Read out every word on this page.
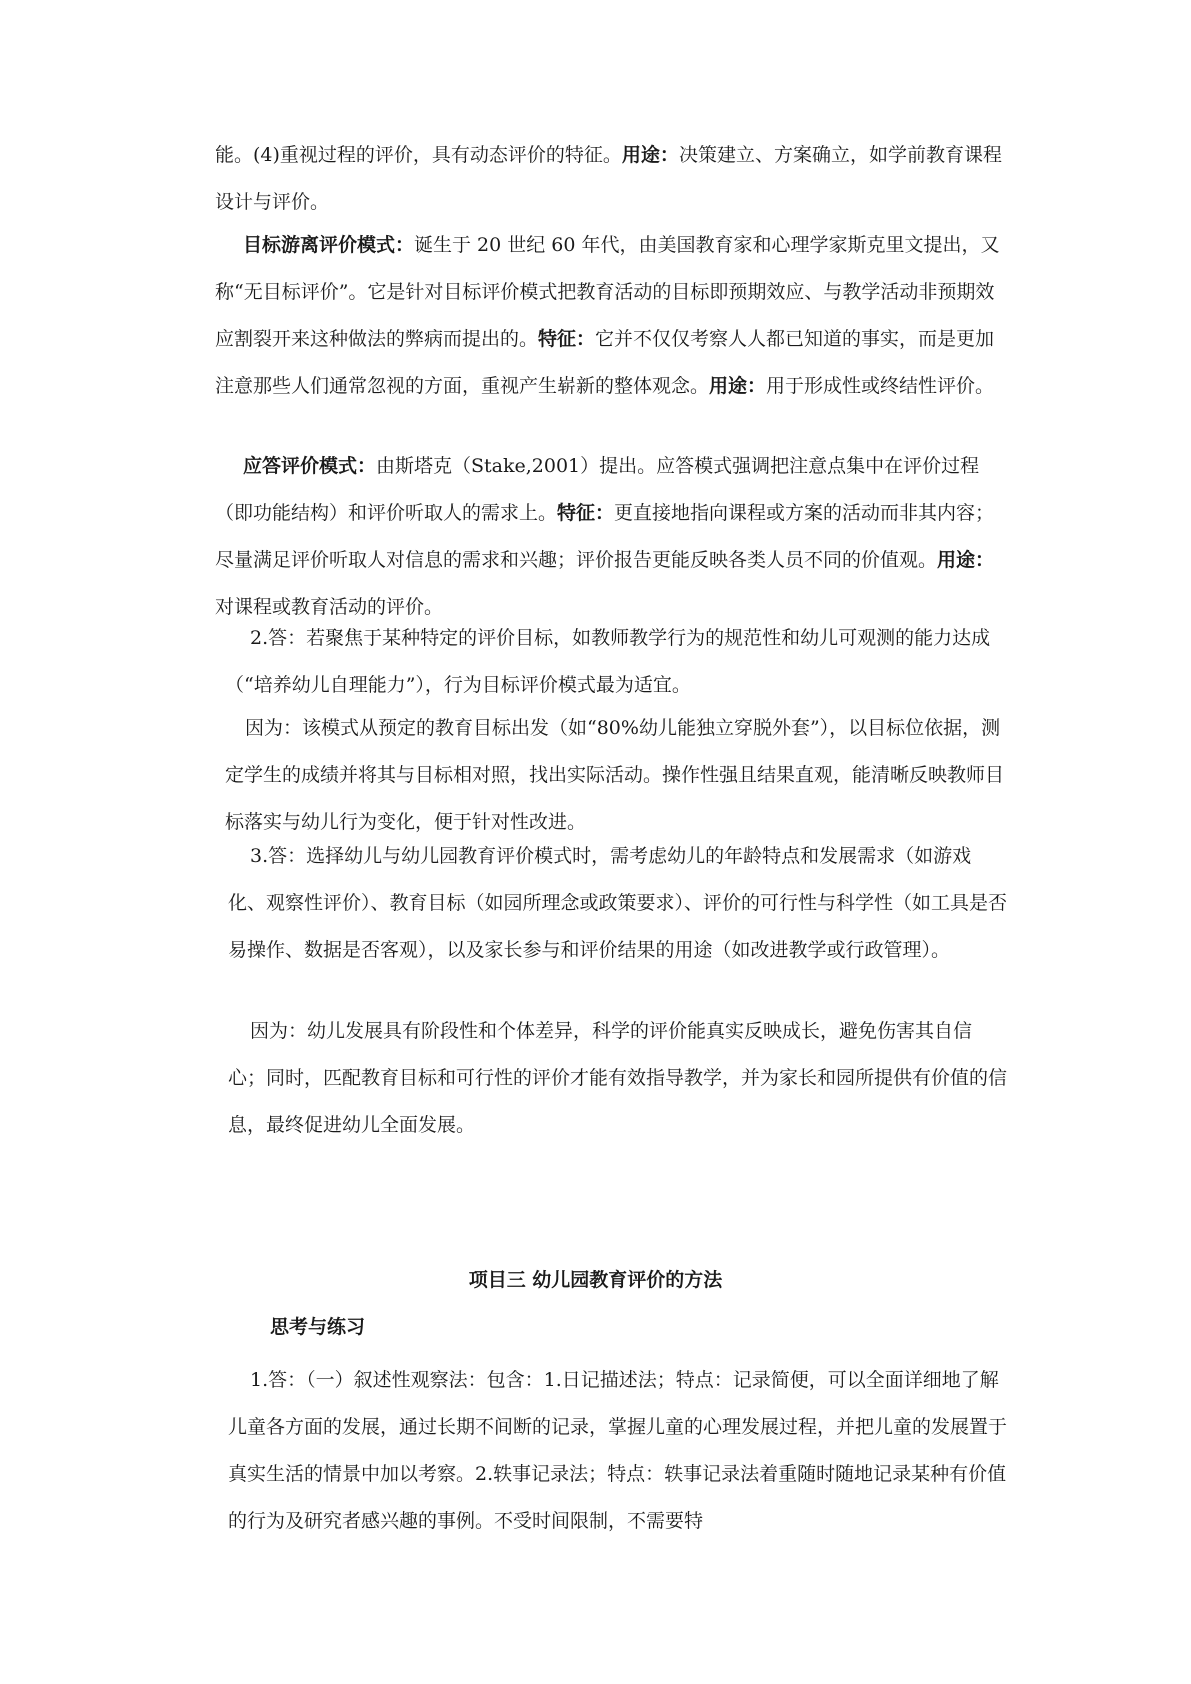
能。(4)重视过程的评价，具有动态评价的特征。用途：决策建立、方案确立，如学前教育课程设计与评价。

目标游离评价模式：诞生于 20 世纪 60 年代，由美国教育家和心理学家斯克里文提出，又称“无目标评价”。它是针对目标评价模式把教育活动的目标即预期效应、与教学活动非预期效应割裂开来这种做法的弊病而提出的。特征：它并不仅仅考察人人都已知道的事实，而是更加注意那些人们通常忽视的方面，重视产生崭新的整体观念。用途：用于形成性或终结性评价。

应答评价模式：由斯塔克（Stake,2001）提出。应答模式强调把注意点集中在评价过程（即功能结构）和评价听取人的需求上。特征：更直接地指向课程或方案的活动而非其内容；尽量满足评价听取人对信息的需求和兴趣；评价报告更能反映各类人员不同的价值观。用途：对课程或教育活动的评价。

2.答：若聚焦于某种特定的评价目标，如教师教学行为的规范性和幼儿可观测的能力达成（“培养幼儿自理能力”），行为目标评价模式最为适宜。

因为：该模式从预定的教育目标出发（如“80%幼儿能独立穿脱外套”），以目标位依据，测定学生的成绩并将其与目标相对照，找出实际活动。操作性强且结果直观，能清晰反映教师目标落实与幼儿行为变化，便于针对性改进。

3.答：选择幼儿与幼儿园教育评价模式时，需考虑幼儿的年龄特点和发展需求（如游戏化、观察性评价）、教育目标（如园所理念或政策要求）、评价的可行性与科学性（如工具是否易操作、数据是否客观），以及家长参与和评价结果的用途（如改进教学或行政管理）。

因为：幼儿发展具有阶段性和个体差异，科学的评价能真实反映成长，避免伤害其自信心；同时，匹配教育目标和可行性的评价才能有效指导教学，并为家长和园所提供有价值的信息，最终促进幼儿全面发展。

项目三 幼儿园教育评价的方法
思考与练习

1.答：（一）叙述性观察法：包含：1.日记描述法；特点：记录简便，可以全面详细地了解儿童各方面的发展，通过长期不间断的记录，掌握儿童的心理发展过程，并把儿童的发展置于真实生活的情景中加以考察。2.轶事记录法；特点：轶事记录法着重随时随地记录某种有价值的行为及研究者感兴趣的事例。不受时间限制，不需要特
